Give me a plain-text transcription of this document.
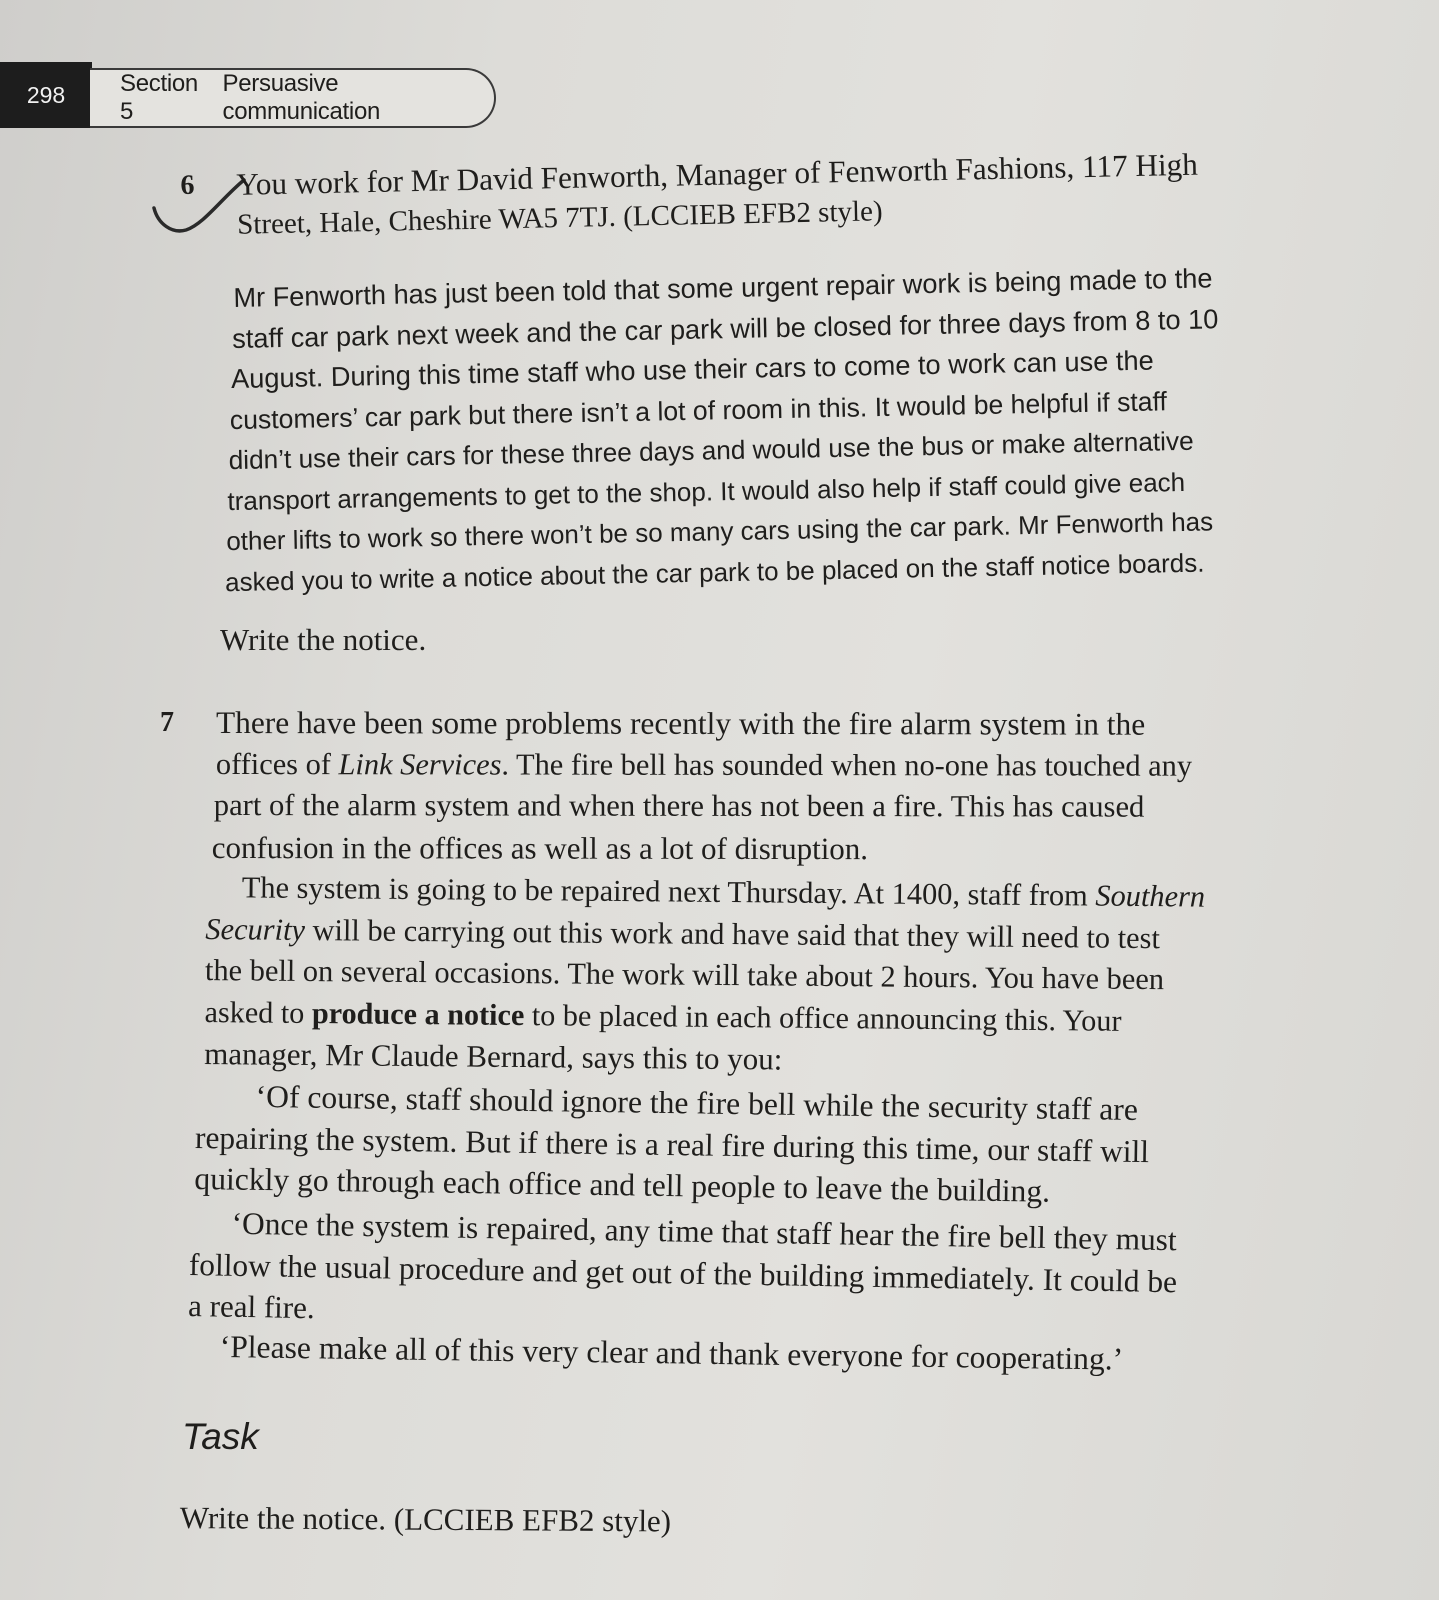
298 Section 5
Persuasive communication
6 You work for Mr David Fenworth, Manager of Fenworth Fashions, 117 High
Street, Hale, Cheshire WA5 7TJ. (LCCIEB EFB2 style)

Mr Fenworth has just been told that some urgent repair work is being made to the

staff car park next week and the car park will be closed for three days from 8 to 10

August. During this time staff who use their cars to come to work can use the

customers’ car park but there isn’t a lot of room in this. It would be helpful if staff

didn’t use their cars for these three days and would use the bus or make alternative

transport arrangements to get to the shop. It would also help if staff could give each

other lifts to work so there won’t be so many cars using the car park. Mr Fenworth has

asked you to write a notice about the car park to be placed on the staff notice boards.

Write the notice.
7 There have been some problems recently with the fire alarm system in the
offices of Link Services. The fire bell has sounded when no-one has touched any
part of the alarm system and when there has not been a fire. This has caused
confusion in the offices as well as a lot of disruption.
The system is going to be repaired next Thursday. At 1400, staff from Southern
Security will be carrying out this work and have said that they will need to test
the bell on several occasions. The work will take about 2 hours. You have been
asked to produce a notice to be placed in each office announcing this. Your
manager, Mr Claude Bernard, says this to you:
‘Of course, staff should ignore the fire bell while the security staff are
repairing the system. But if there is a real fire during this time, our staff will
quickly go through each office and tell people to leave the building.
‘Once the system is repaired, any time that staff hear the fire bell they must
follow the usual procedure and get out of the building immediately. It could be
a real fire.
‘Please make all of this very clear and thank everyone for cooperating.’
Task
Write the notice. (LCCIEB EFB2 style)
